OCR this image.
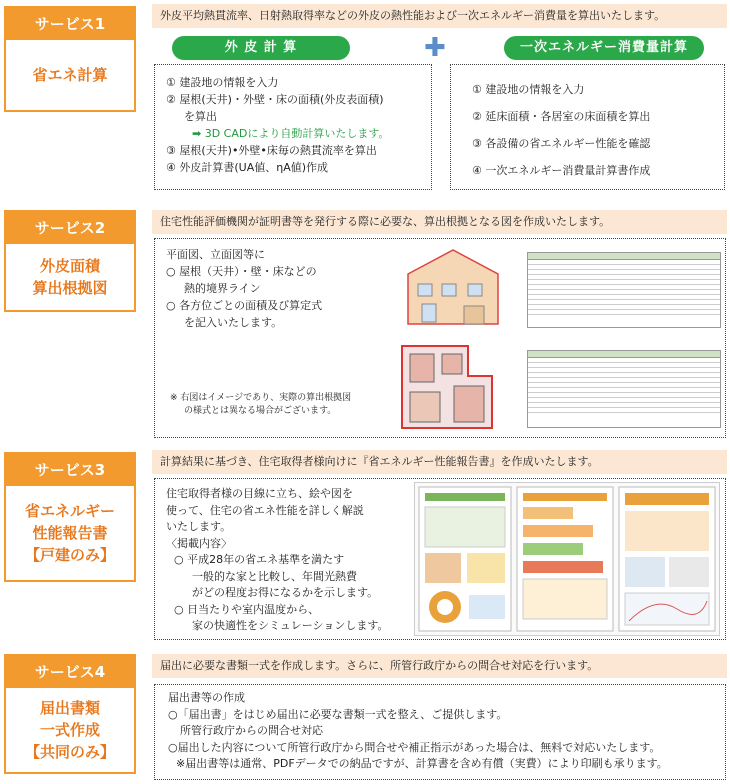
サービス1
省エネ計算
外皮平均熱貫流率、日射熱取得率などの外皮の熱性能および一次エネルギー消費量を算出いたします。
外 皮 計 算	✚	一次エネルギー消費量計算
① 建設地の情報を入力
② 屋根(天井)・外壁・床の面積(外皮表面積)
を算出
➡ 3D CADにより自動計算いたします。
③ 屋根(天井)•外壁•床毎の熱貫流率を算出
④ 外皮計算書(UA値、ηA値)作成
① 建設地の情報を入力
② 延床面積・各居室の床面積を算出
③ 各設備の省エネルギー性能を確認
④ 一次エネルギー消費量計算書作成
サービス2
外皮面積
算出根拠図
住宅性能評価機関が証明書等を発行する際に必要な、算出根拠となる図を作成いたします。
平面図、立面図等に
○ 屋根（天井）・壁・床などの
熱的境界ライン
○ 各方位ごとの面積及び算定式
を記入いたします。
※ 右図はイメージであり、実際の算出根拠図
の様式とは異なる場合がございます。
サービス3
省エネルギー
性能報告書
【戸建のみ】
計算結果に基づき、住宅取得者様向けに『省エネルギー性能報告書』を作成いたします。
住宅取得者様の目線に立ち、絵や図を
使って、住宅の省エネ性能を詳しく解説
いたします。
〈掲載内容〉
○ 平成28年の省エネ基準を満たす
一般的な家と比較し、年間光熱費
がどの程度お得になるかを示します。
○ 日当たりや室内温度から、
家の快適性をシミュレーションします。
サービス4
届出書類
一式作成
【共同のみ】
届出に必要な書類一式を作成します。さらに、所管行政庁からの問合せ対応を行います。
届出書等の作成
○「届出書」をはじめ届出に必要な書類一式を整え、ご提供します。
所管行政庁からの問合せ対応
○届出した内容について所管行政庁から問合せや補正指示があった場合は、無料で対応いたします。
※届出書等は通常、PDFデータでの納品ですが、計算書を含め有償（実費）により印刷も承ります。
